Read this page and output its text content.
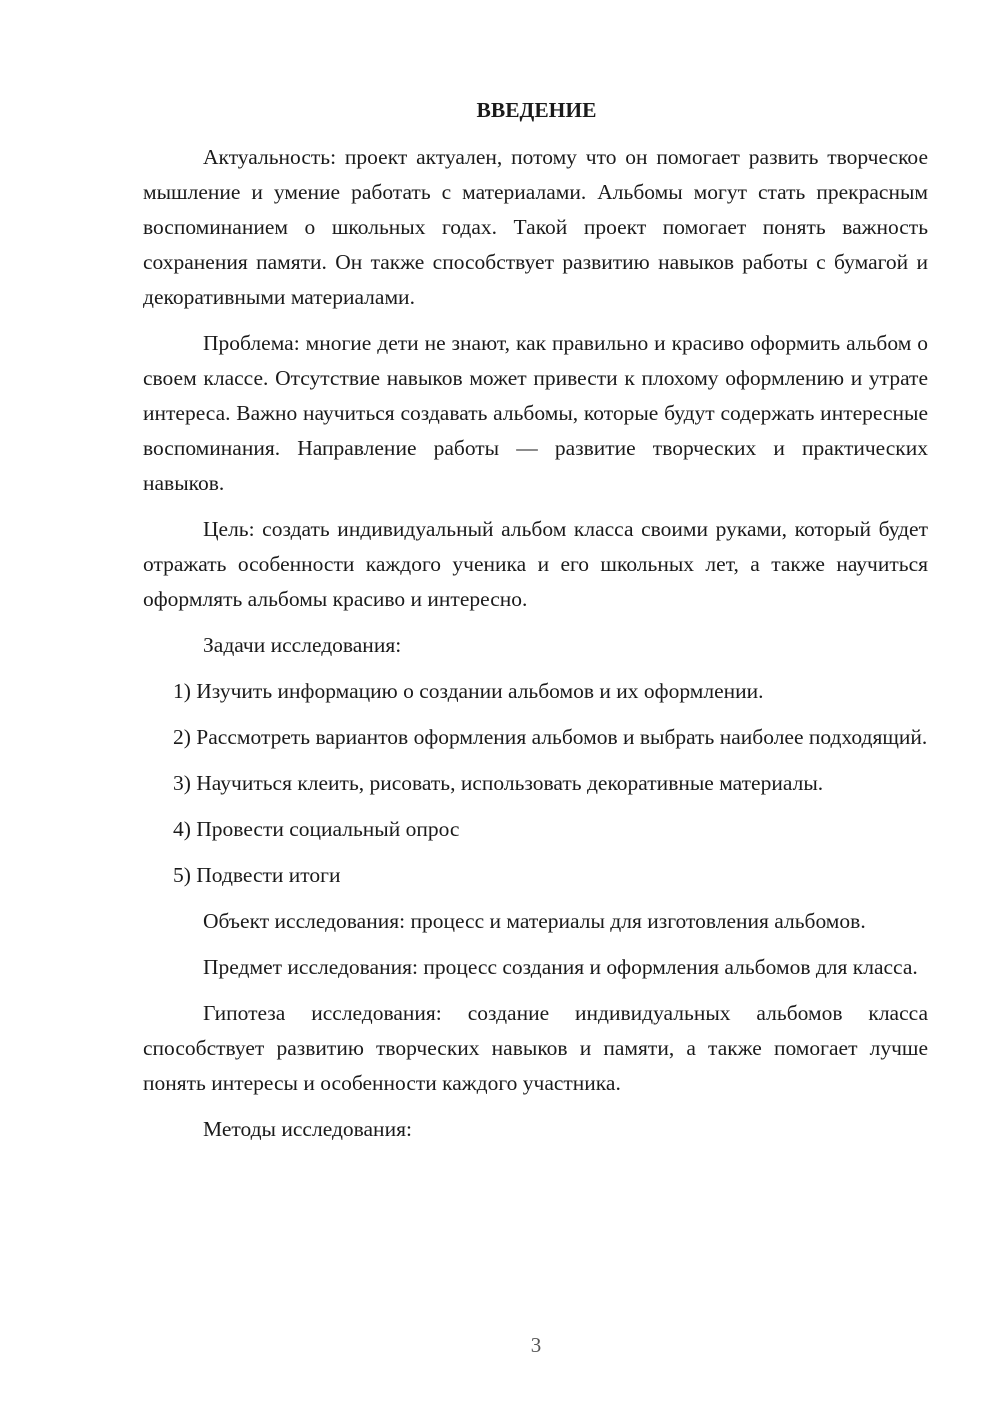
ВВЕДЕНИЕ

Актуальность: проект актуален, потому что он помогает развить творческое мышление и умение работать с материалами. Альбомы могут стать прекрасным воспоминанием о школьных годах. Такой проект помогает понять важность сохранения памяти. Он также способствует развитию навыков работы с бумагой и декоративными материалами.

Проблема: многие дети не знают, как правильно и красиво оформить альбом о своем классе. Отсутствие навыков может привести к плохому оформлению и утрате интереса. Важно научиться создавать альбомы, которые будут содержать интересные воспоминания. Направление работы — развитие творческих и практических навыков.

Цель: создать индивидуальный альбом класса своими руками, который будет отражать особенности каждого ученика и его школьных лет, а также научиться оформлять альбомы красиво и интересно.

Задачи исследования:

1) Изучить информацию о создании альбомов и их оформлении.

2) Рассмотреть вариантов оформления альбомов и выбрать наиболее подходящий.

3) Научиться клеить, рисовать, использовать декоративные материалы.

4) Провести социальный опрос

5) Подвести итоги

Объект исследования: процесс и материалы для изготовления альбомов.

Предмет исследования: процесс создания и оформления альбомов для класса.

Гипотеза исследования: создание индивидуальных альбомов класса способствует развитию творческих навыков и памяти, а также помогает лучше понять интересы и особенности каждого участника.

Методы исследования:

3
